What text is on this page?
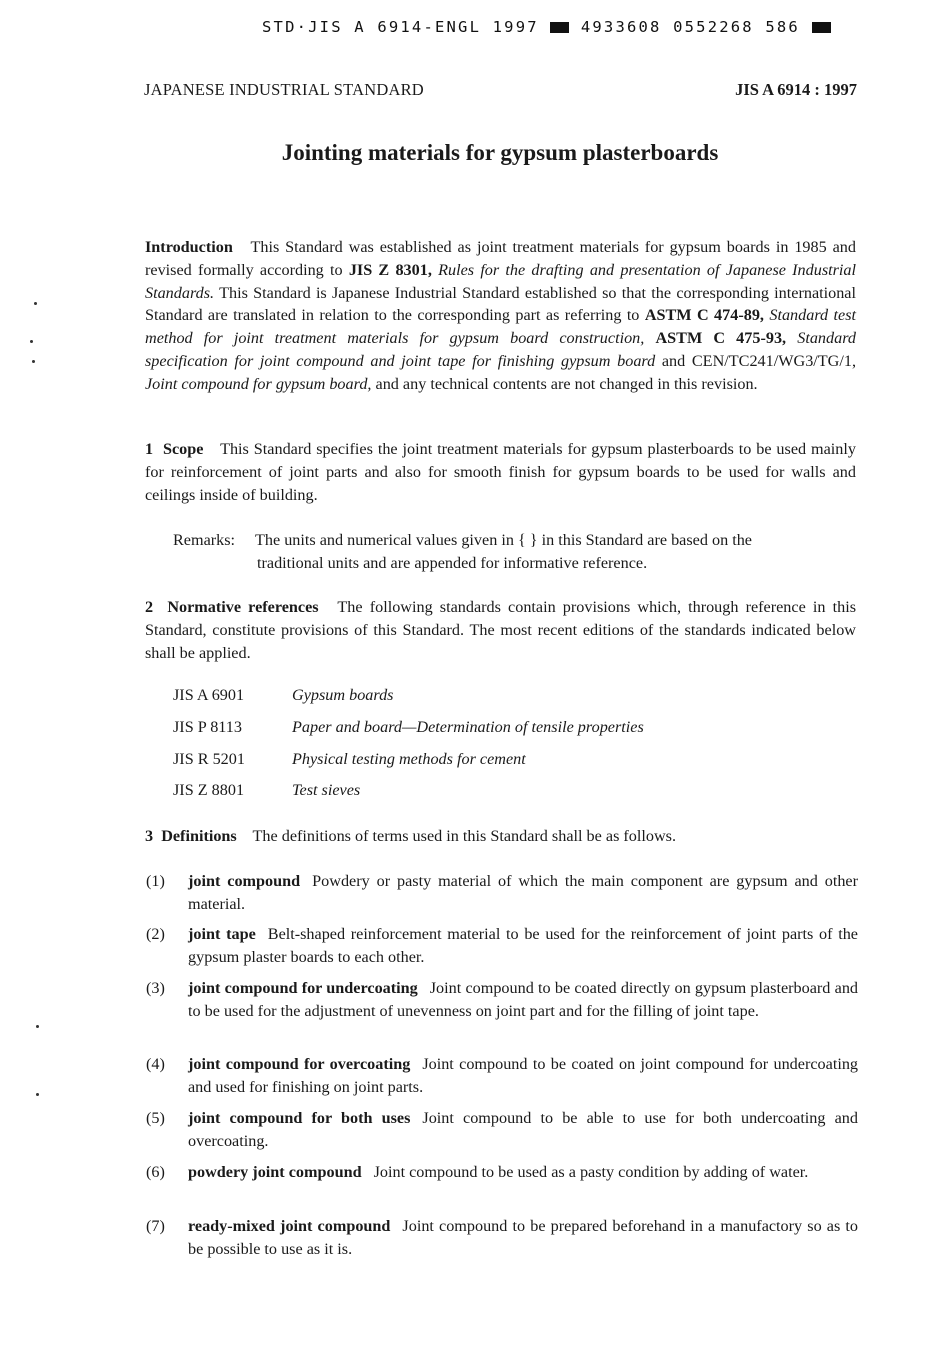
STD·JIS A 6914-ENGL 1997	4933608 0552268 586
JAPANESE INDUSTRIAL STANDARD	JIS A 6914 : 1997
Jointing materials for gypsum plasterboards

Introduction This Standard was established as joint treatment materials for gypsum boards in 1985 and revised formally according to JIS Z 8301, Rules for the drafting and presentation of Japanese Industrial Standards. This Standard is Japanese Industrial Standard established so that the corresponding international Standard are translated in relation to the corresponding part as referring to ASTM C 474-89, Standard test method for joint treatment materials for gypsum board construction, ASTM C 475-93, Standard specification for joint compound and joint tape for finishing gypsum board and CEN/TC241/WG3/TG/1, Joint compound for gypsum board, and any technical contents are not changed in this revision.

1  Scope This Standard specifies the joint treatment materials for gypsum plasterboards to be used mainly for reinforcement of joint parts and also for smooth finish for gypsum boards to be used for walls and ceilings inside of building.

Remarks: The units and numerical values given in { } in this Standard are based on the
traditional units and are appended for informative reference.

2  Normative references The following standards contain provisions which, through reference in this Standard, constitute provisions of this Standard. The most recent editions of the standards indicated below shall be applied.

JIS A 6901	Gypsum boards
JIS P 8113	Paper and board—Determination of tensile properties
JIS R 5201	Physical testing methods for cement
JIS Z 8801	Test sieves

3  Definitions The definitions of terms used in this Standard shall be as follows.

(1) joint compound Powdery or pasty material of which the main component are gypsum and other material.
(2) joint tape Belt-shaped reinforcement material to be used for the reinforcement of joint parts of the gypsum plaster boards to each other.
(3) joint compound for undercoating Joint compound to be coated directly on gypsum plasterboard and to be used for the adjustment of unevenness on joint part and for the filling of joint tape.
(4) joint compound for overcoating Joint compound to be coated on joint compound for undercoating and used for finishing on joint parts.
(5) joint compound for both uses Joint compound to be able to use for both undercoating and overcoating.
(6) powdery joint compound Joint compound to be used as a pasty condition by adding of water.
(7) ready-mixed joint compound Joint compound to be prepared beforehand in a manufactory so as to be possible to use as it is.
